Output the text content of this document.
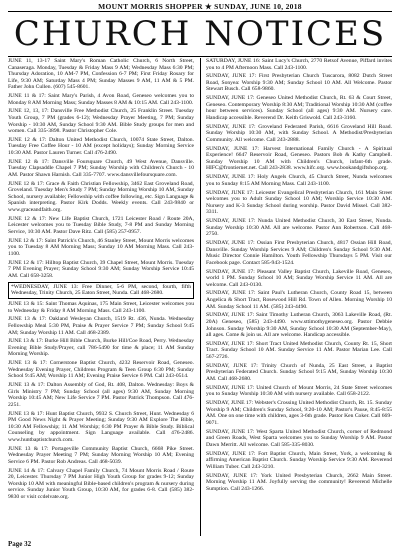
MOUNT MORRIS SHOPPER ★ SUNDAY, JUNE 10, 2018
CHURCH NOTICES

JUNE 11, 13-17 Saint Mary's Roman Catholic Church, 6 North Street, Canaseraga. Monday, Tuesday & Friday Mass 9 AM; Wednesday Mass 6:30 PM; Thursday Adoration, 10 AM-7 PM, Confession 6-7 PM; First Friday Rosary for Life, 9:30 AM; Saturday Mass 4 PM; Sunday Masses 9 AM, 11 AM & 5 PM. Father John Cullen. (607) 545-8601.

JUNE 11 & 17: Saint Mary's Parish, 4 Avon Road, Geneseo welcomes you to Monday 8 AM Morning Mass; Sunday Masses 8 AM & 10:15 AM. Call 243-1100.

JUNE 12, 13, 17: Dansville Free Methodist Church, 25 Franklin Street. Tuesday Youth Group, 7 PM (grades 6-12); Wednesday Prayer Meeting, 7 PM; Sunday Worship - 10:30 AM, Sunday School 9:30 AM. Bible Study groups for men and women. Call 335-3898. Pastor Christopher Cole.

JUNE 12 & 17: Dalton United Methodist Church, 10074 State Street, Dalton. Tuesday Free Coffee Hour - 10 AM (except holidays); Sunday Morning Service 10:30 AM. Pastor Lauren Turner. Call 476-2490.

JUNE 12 & 17: Dansville Foursquare Church, 49 West Avenue, Dansville. Tuesday Clapsaddle Chapel 7 PM; Sunday Worship with Children's Church - 10 AM. Pastor Shawn Harnish. Call 335-7707. www.dansvillefoursquare.com.

JUNE 12 & 17: Grace & Faith Christian Fellowship, 3462 East Groveland Road, Groveland. Tuesday Men's Study 7 PM; Sunday Morning Worship 10 AM, Sunday School, nursery available; Fellowship with coffee following, etc. Sign Language & Spanish interpreting. Pastor Kirk Dodds. Weekly events. Call 243-9840 or www.graceandfaith.org.

JUNE 12 & 17: New Life Baptist Church, 1721 Leicester Road / Route 20A, Leicester welcomes you to Tuesday Bible Study, 7-8 PM and Sunday Morning Service, 10:30 AM. Pastor Dave Ritz. Call (585) 257-0957.

JUNE 12 & 17: Saint Patrick's Church, 46 Stanley Street, Mount Morris welcomes you to Tuesday 8 AM Morning Mass; Sunday 10 AM Morning Mass. Call 243-1100.

JUNE 12 & 17: Hilltop Baptist Church, 39 Chapel Street, Mount Morris. Tuesday 7 PM Evening Prayer; Sunday School 9:30 AM; Sunday Worship Service 10:45 AM. Call 658-3258.

*WEDNESDAY, JUNE 13: Free Dinner, 5-6 PM, second, fourth, fifth Wednesday, Trinity Church, 25 Eaton Street, Nunda. Call 468-2680.

JUNE 13 & 15: Saint Thomas Aquinas, 175 Main Street, Leicester welcomes you to Wednesday & Friday 8 AM Morning Mass. Call 243-1100.

JUNE 13 & 17: Oakland Wesleyan Church, 1519 Rt. 436, Nunda. Wednesday Fellowship Meal 5:30 PM, Praise & Prayer Service 7 PM; Sunday School 9:45 AM; Sunday Worship 11 AM. Call 468-2389.

JUNE 13 & 17: Burke Hill Bible Church, Burke Hill/Coe Road, Perry. Wednesday Evening Bible Study/Prayer, call 786-5490 for time & place; 11 AM Sunday Morning Worship.

JUNE 13 & 17: Cornerstone Baptist Church, 4232 Reservoir Road, Geneseo. Wednesday Evening Prayer, Childrens Program & Teen Group 6:30 PM; Sunday School 9:45 AM; Worship 11 AM; Evening Praise Service 6 PM. Call 243-0514.

JUNE 13 & 17: Dalton Assembly of God, Rt. 408, Dalton. Wednesday: Boys & Girls Ministry 7 PM; Sunday School (all ages) 9:30 AM, Sunday Morning Worship 10:45 AM; New Life Service 7 PM. Pastor Patrick Thompson. Call 476-2251.

JUNE 13 & 17: Hunt Baptist Church, 9932 S. Church Street, Hunt. Wednesday 6 PM Good News Night & Prayer Meeting; Sunday 9:30 AM Explore The Bible, 10:30 AM Fellowship; 11 AM Worship; 6:30 PM Prayer & Bible Study. Biblical Counseling by appointment. Sign Language available. Call 476-2486. www.huntbaptistchurch.com.

JUNE 13 & 17: Portageville Community Baptist Church, 6668 Pike Street. Wednesday Prayer Meeting 7 PM; Sunday Morning Worship 10 AM; Evening Service 6 PM. Pastor Rob Andreas. Call 468-5039.

JUNE 14 & 17: Calvary Chapel Family Church, 74 Mount Morris Road / Route 20, Leicester. Thursday 7 PM Junior High Youth Group for grades 9-12; Sunday Worship 10 AM with meaningful Bible-based children's program & nursery during service. Sunday Junior Youth Group, 10:30 AM, for grades 6-8. Call (585) 382-9830 or visit ccdelvate.org.

SATURDAY, JUNE 16: Saint Lucy's Church, 2770 Retsof Avenue, Piffard invites you to 4 PM Afternoon Mass. Call 243-1100.

SUNDAY, JUNE 17: First Presbyterian Church Tuscarora, 8082 Dutch Street Road, Sonyea: Worship 9:30 AM; Sunday School 10 AM. All Welcome. Pastor Stewart Busch. Call 658-9860.

SUNDAY, JUNE 17: Geneseo United Methodist Church, Rt. 63 & Court Street, Geneseo. Contemporary Worship 8:30 AM; Traditional Worship 10:30 AM (coffee hour between services). Sunday School (all ages) 9:30 AM. Nursery care. Handicap accessible. Reverend Dr. Keith Griswold. Call 243-3160.

SUNDAY, JUNE 17: Groveland Federated Parish, 6616 Groveland Hill Road. Sunday Worship 10:30 AM, with Sunday School. A Methodist/Presbyterian Community. All welcome. Call 243-2888.

SUNDAY, JUNE 17: Harvest International Family Church - A Spiritual Experience! 6647 Reservoir Road, Geneseo. Pastors Bob & Kathy Campbell. Sunday Worship 10 AM with Children's Church, infant-6th grade. HIFC@frontiernet.net. Call 243-2838. www.hifc.org. www.bookandgiftshop.org.

SUNDAY, JUNE 17: Holy Angels Church, 45 Church Street, Nunda welcomes you to Sunday 8:15 AM Morning Mass. Call 243-1100.

SUNDAY, JUNE 17: Leicester Evangelical Presbyterian Church, 161 Main Street welcomes you to Adult Sunday School 10 AM; Worship Service 10:30 AM. Nursery and K-3 Sunday School during worship. Pastor David Missel. Call 382-3311.

SUNDAY, JUNE 17: Nunda United Methodist Church, 30 East Street, Nunda. Sunday Worship 10:30 AM. All are welcome. Pastor Ann Robertson. Call 468-2750.

SUNDAY, JUNE 17: Ossian First Presbyterian Church, 4817 Ossian Hill Road, Dansville. Sunday Worship Services 9 AM; Children's Sunday School 9:30 AM. Music Director Connie Hamilton. Youth Fellowship Thursdays 5 PM. Visit our Facebook page. Contact 585-943-1524.

SUNDAY, JUNE 17: Pleasant Valley Baptist Church, Lakeville Road, Geneseo, world 1 PM. Sunday School 10 AM; Sunday Worship Service 11 AM. All are welcome. Call 243-0130.

SUNDAY, JUNE 17: Saint Paul's Lutheran Church, County Road 15, between Angelica & Short Tract, Rosewood Hill Rd. Town of Allen. Morning Worship 10 AM. Sunday School 11 AM. (585) 243-4490.

SUNDAY, JUNE 17: Saint Timothy Lutheran Church, 3063 Lakeville Road, (Rt. 20A) Geneseo, (585) 243-4490. www.sttimothygeneseo.org. Pastor Debbie Johnson. Sunday Worship 9:30 AM, Sunday School 10:30 AM (September-May), all ages. Come & join us. All are welcome. Handicap accessible.

SUNDAY, JUNE 17: Short Tract United Methodist Church, County Rt. 15, Short Tract. Sunday School 10 AM. Sunday Service 11 AM. Pastor Marian Lee. Call 567-2726.

SUNDAY, JUNE 17: Trinity Church of Nunda, 25 East Street, a Baptist Presbyterian Federated Church. Sunday School 9:15 AM, Sunday Worship 10:30 AM. Call 468-2680.

SUNDAY, JUNE 17: United Church of Mount Morris, 24 State Street welcomes you to Sunday Worship 10:30 AM with nursery available. Call 658-2122.

SUNDAY, JUNE 17: Webster's Crossing United Methodist Church, Rt. 15. Sunday Worship 9 AM; Children's Sunday School, 9:20-10 AM; Pastor's Pause, 8:45-8:55 AM. One on one time with children, ages 3-6th grade. Pastor Ken Coker. Call 669-9071.

SUNDAY, JUNE 17: West Sparta United Methodist Church, corner of Redmond and Green Roads, West Sparta welcomes you to Sunday Worship 9 AM. Pastor Dawn Merritt. All welcome. Call 585-335-8030.

SUNDAY, JUNE 17: Fort Baptist Church, Main Street, York, a welcoming & affirming American Baptist Church. Sunday Worship Service 9:30 AM. Reverend William Tuber. Call 243-3210.

SUNDAY, JUNE 17: York United Presbyterian Church, 2662 Main Street. Morning Worship 11 AM. Joyfully serving the community! Reverend Michelle Sumption. Call 243-1266.

Page 32
